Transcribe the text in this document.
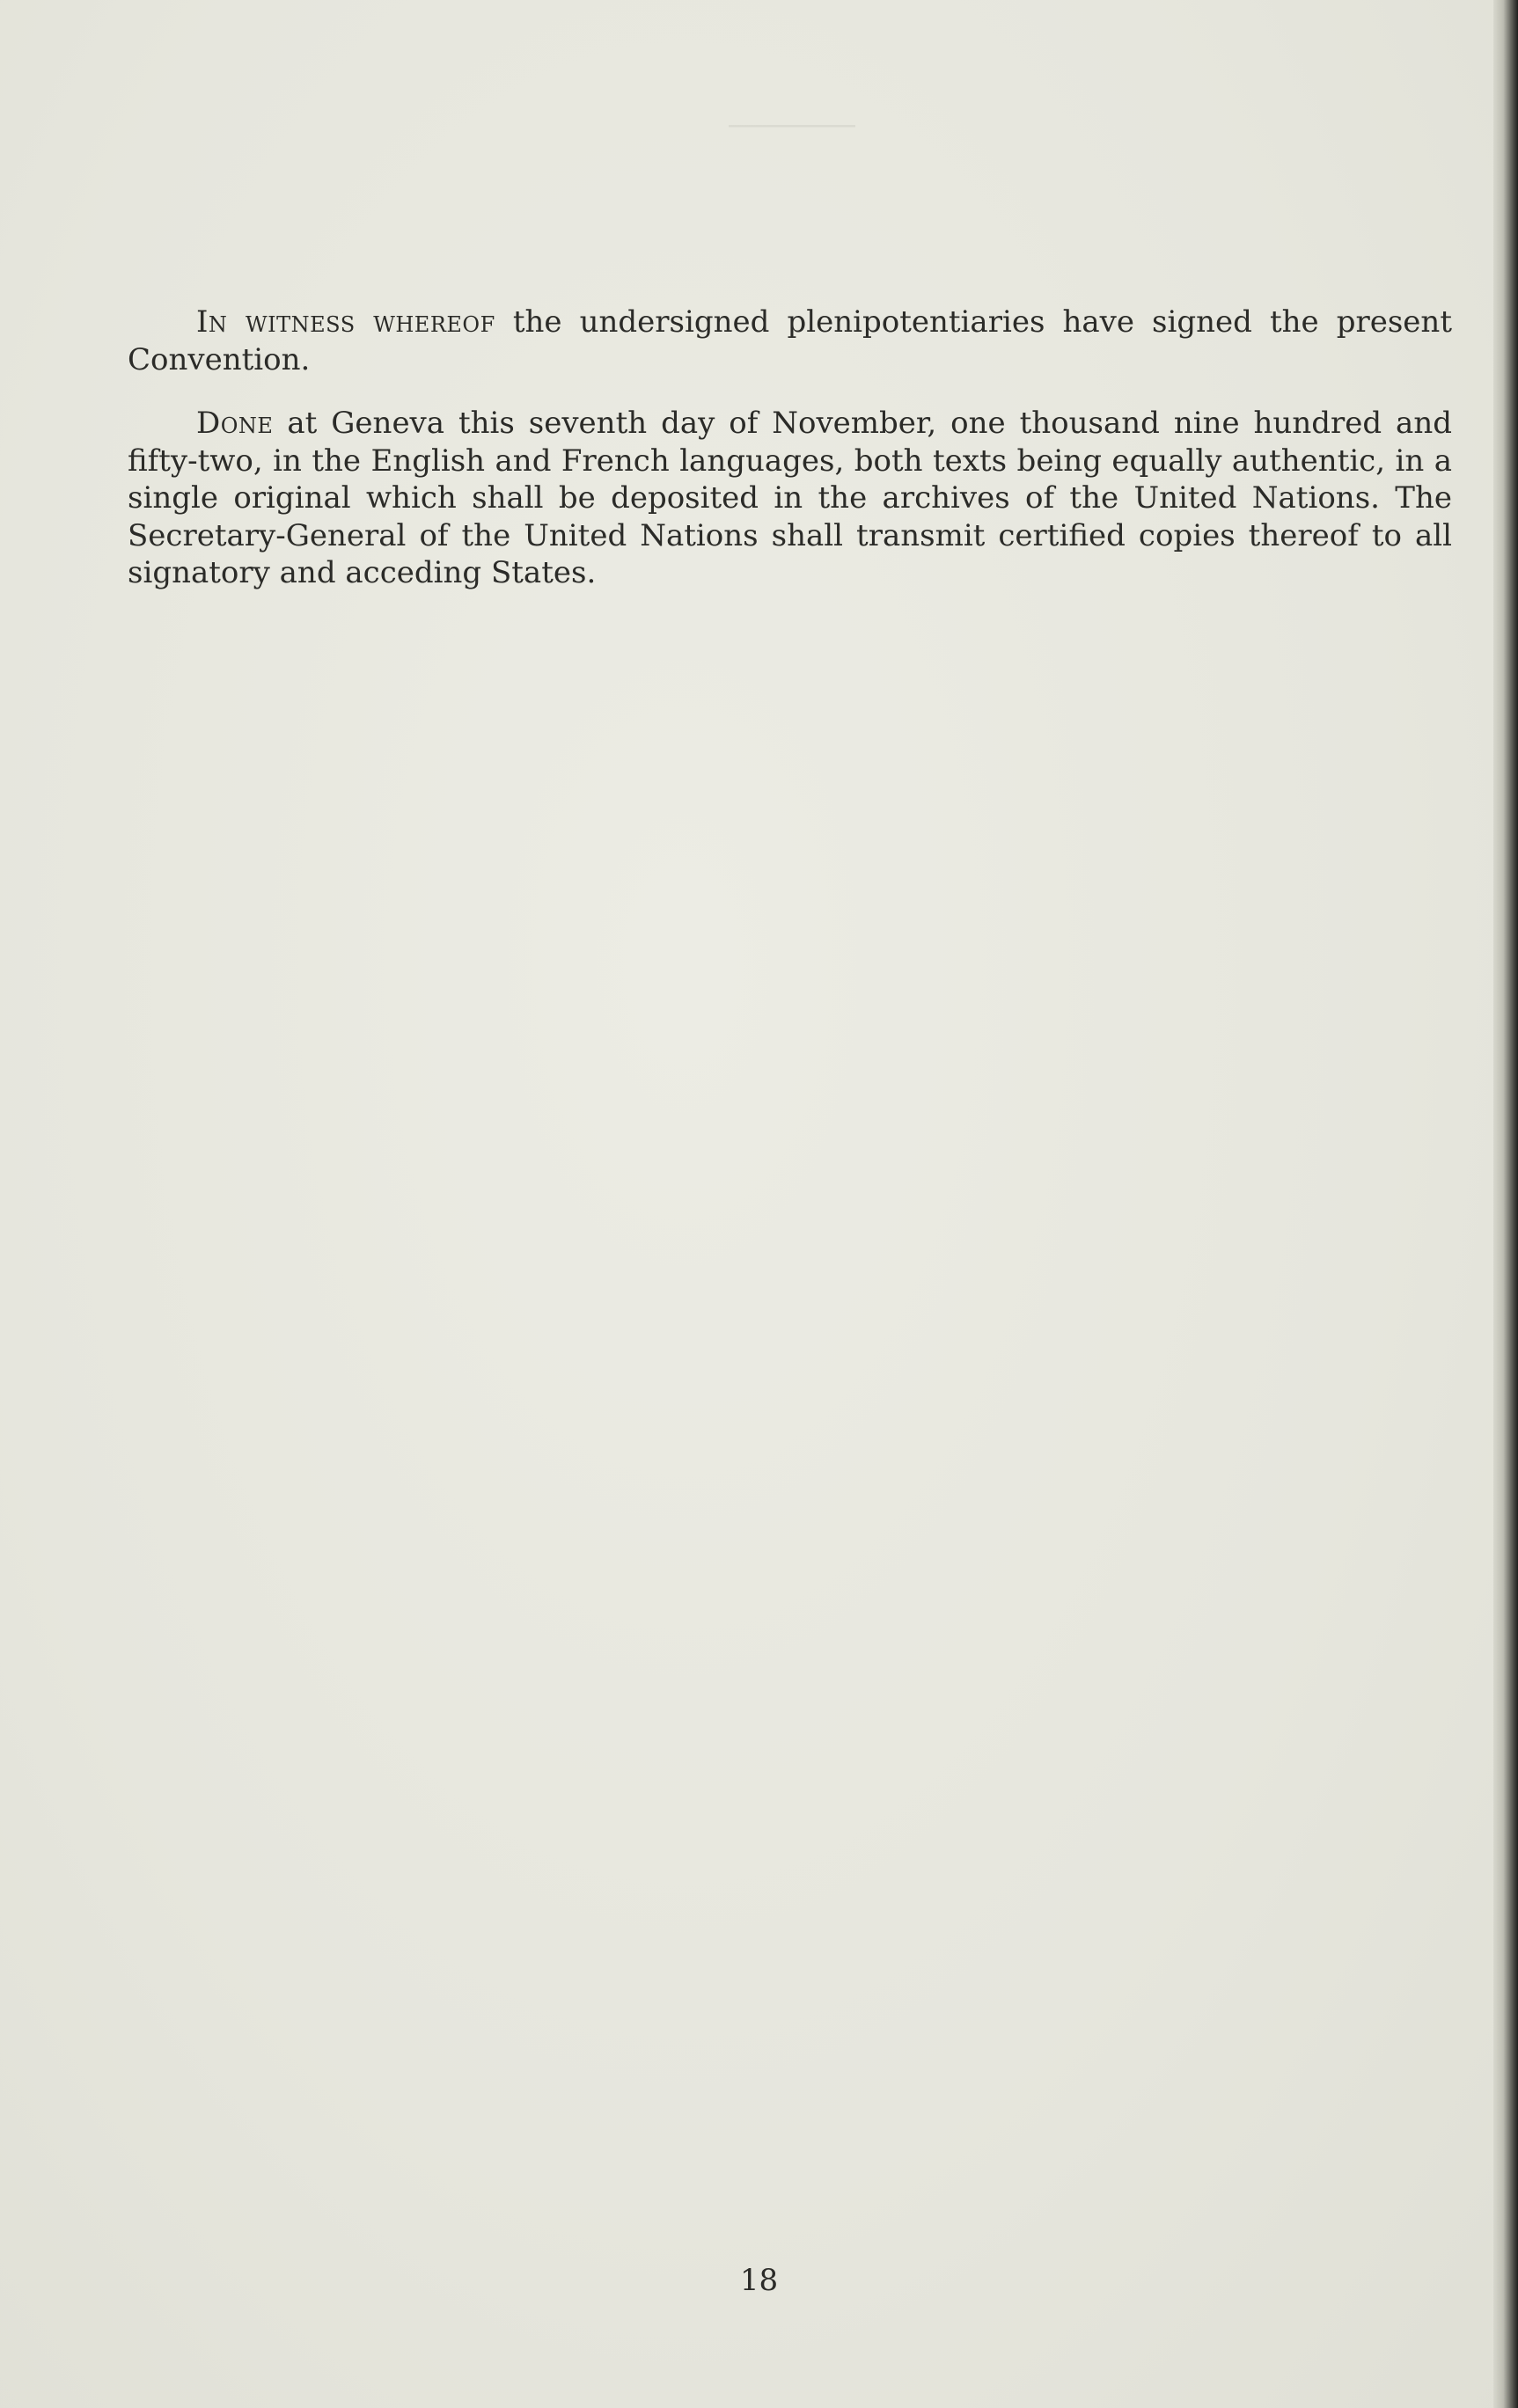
――――

In witness whereof the undersigned plenipotentiaries have signed the present Convention.

Done at Geneva this seventh day of November, one thousand nine hundred and fifty-two, in the English and French languages, both texts being equally authentic, in a single original which shall be deposited in the archives of the United Nations. The Secretary-General of the United Nations shall transmit certified copies thereof to all signatory and acceding States.

18
